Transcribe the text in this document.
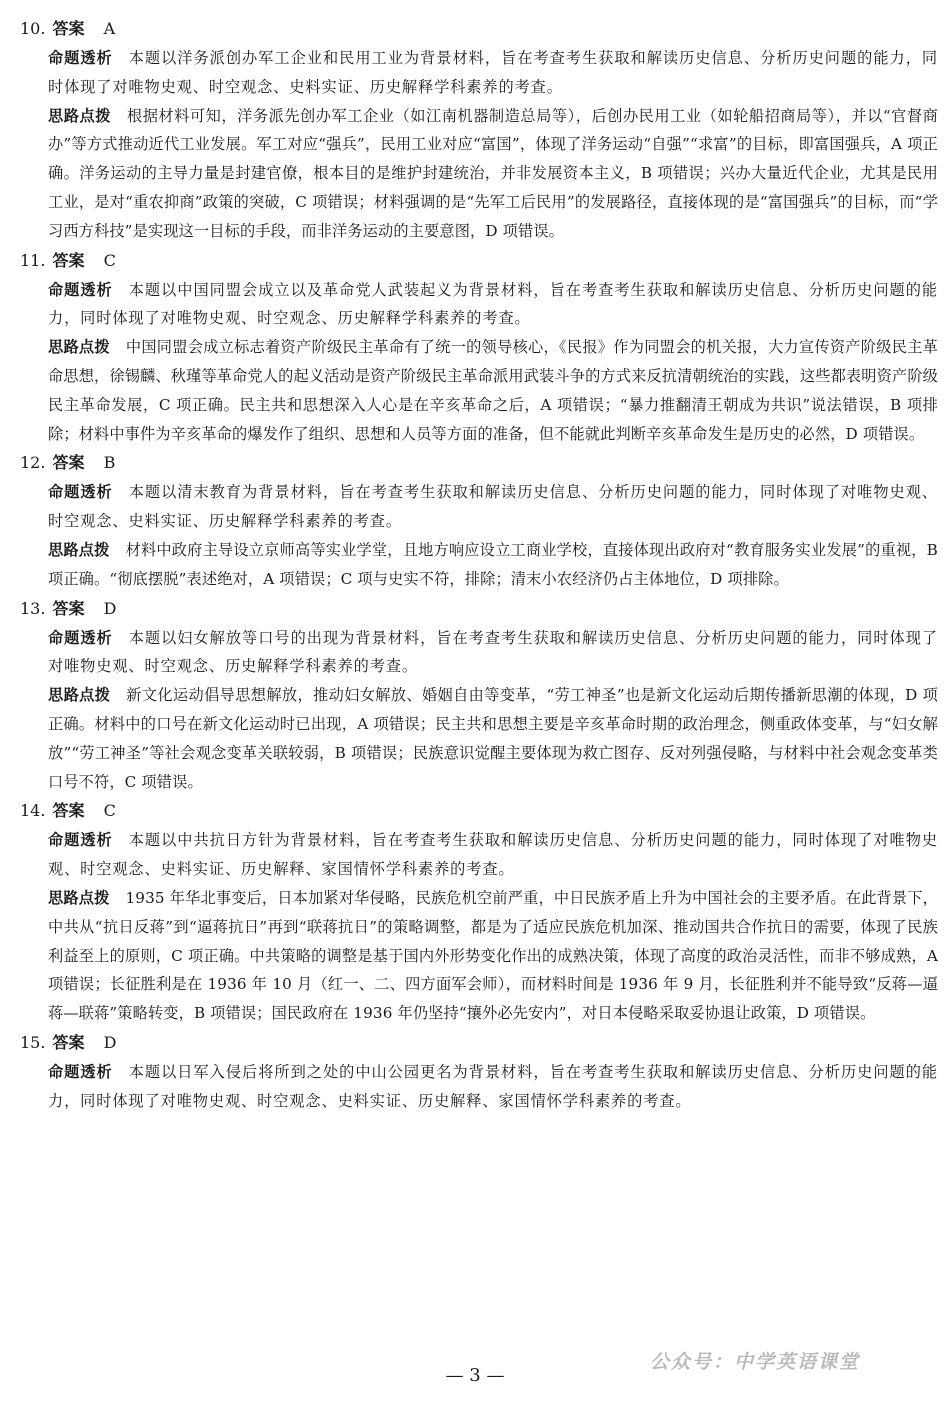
10. 答案 A

命题透析 本题以洋务派创办军工企业和民用工业为背景材料，旨在考查考生获取和解读历史信息、分析历史问题的能力，同时体现了对唯物史观、时空观念、史料实证、历史解释学科素养的考查。

思路点拨 根据材料可知，洋务派先创办军工企业（如江南机器制造总局等），后创办民用工业（如轮船招商局等），并以“官督商办”等方式推动近代工业发展。军工对应“强兵”，民用工业对应“富国”，体现了洋务运动“自强”“求富”的目标，即富国强兵，A 项正确。洋务运动的主导力量是封建官僚，根本目的是维护封建统治，并非发展资本主义，B 项错误；兴办大量近代企业，尤其是民用工业，是对“重农抑商”政策的突破，C 项错误；材料强调的是“先军工后民用”的发展路径，直接体现的是“富国强兵”的目标，而“学习西方科技”是实现这一目标的手段，而非洋务运动的主要意图，D 项错误。

11. 答案 C

命题透析 本题以中国同盟会成立以及革命党人武装起义为背景材料，旨在考查考生获取和解读历史信息、分析历史问题的能力，同时体现了对唯物史观、时空观念、历史解释学科素养的考查。

思路点拨 中国同盟会成立标志着资产阶级民主革命有了统一的领导核心，《民报》作为同盟会的机关报，大力宣传资产阶级民主革命思想，徐锡麟、秋瑾等革命党人的起义活动是资产阶级民主革命派用武装斗争的方式来反抗清朝统治的实践，这些都表明资产阶级民主革命发展，C 项正确。民主共和思想深入人心是在辛亥革命之后，A 项错误；“暴力推翻清王朝成为共识”说法错误，B 项排除；材料中事件为辛亥革命的爆发作了组织、思想和人员等方面的准备，但不能就此判断辛亥革命发生是历史的必然，D 项错误。

12. 答案 B

命题透析 本题以清末教育为背景材料，旨在考查考生获取和解读历史信息、分析历史问题的能力，同时体现了对唯物史观、时空观念、史料实证、历史解释学科素养的考查。

思路点拨 材料中政府主导设立京师高等实业学堂，且地方响应设立工商业学校，直接体现出政府对“教育服务实业发展”的重视，B 项正确。“彻底摆脱”表述绝对，A 项错误；C 项与史实不符，排除；清末小农经济仍占主体地位，D 项排除。

13. 答案 D

命题透析 本题以妇女解放等口号的出现为背景材料，旨在考查考生获取和解读历史信息、分析历史问题的能力，同时体现了对唯物史观、时空观念、历史解释学科素养的考查。

思路点拨 新文化运动倡导思想解放，推动妇女解放、婚姻自由等变革，“劳工神圣”也是新文化运动后期传播新思潮的体现，D 项正确。材料中的口号在新文化运动时已出现，A 项错误；民主共和思想主要是辛亥革命时期的政治理念，侧重政体变革，与“妇女解放”“劳工神圣”等社会观念变革关联较弱，B 项错误；民族意识觉醒主要体现为救亡图存、反对列强侵略，与材料中社会观念变革类口号不符，C 项错误。

14. 答案 C

命题透析 本题以中共抗日方针为背景材料，旨在考查考生获取和解读历史信息、分析历史问题的能力，同时体现了对唯物史观、时空观念、史料实证、历史解释、家国情怀学科素养的考查。

思路点拨 1935 年华北事变后，日本加紧对华侵略，民族危机空前严重，中日民族矛盾上升为中国社会的主要矛盾。在此背景下，中共从“抗日反蒋”到“逼蒋抗日”再到“联蒋抗日”的策略调整，都是为了适应民族危机加深、推动国共合作抗日的需要，体现了民族利益至上的原则，C 项正确。中共策略的调整是基于国内外形势变化作出的成熟决策，体现了高度的政治灵活性，而非不够成熟，A 项错误；长征胜利是在 1936 年 10 月（红一、二、四方面军会师），而材料时间是 1936 年 9 月，长征胜利并不能导致“反蒋—逼蒋—联蒋”策略转变，B 项错误；国民政府在 1936 年仍坚持“攘外必先安内”，对日本侵略采取妥协退让政策，D 项错误。

15. 答案 D

命题透析 本题以日军入侵后将所到之处的中山公园更名为背景材料，旨在考查考生获取和解读历史信息、分析历史问题的能力，同时体现了对唯物史观、时空观念、史料实证、历史解释、家国情怀学科素养的考查。

— 3 —
公众号：中学英语课堂
